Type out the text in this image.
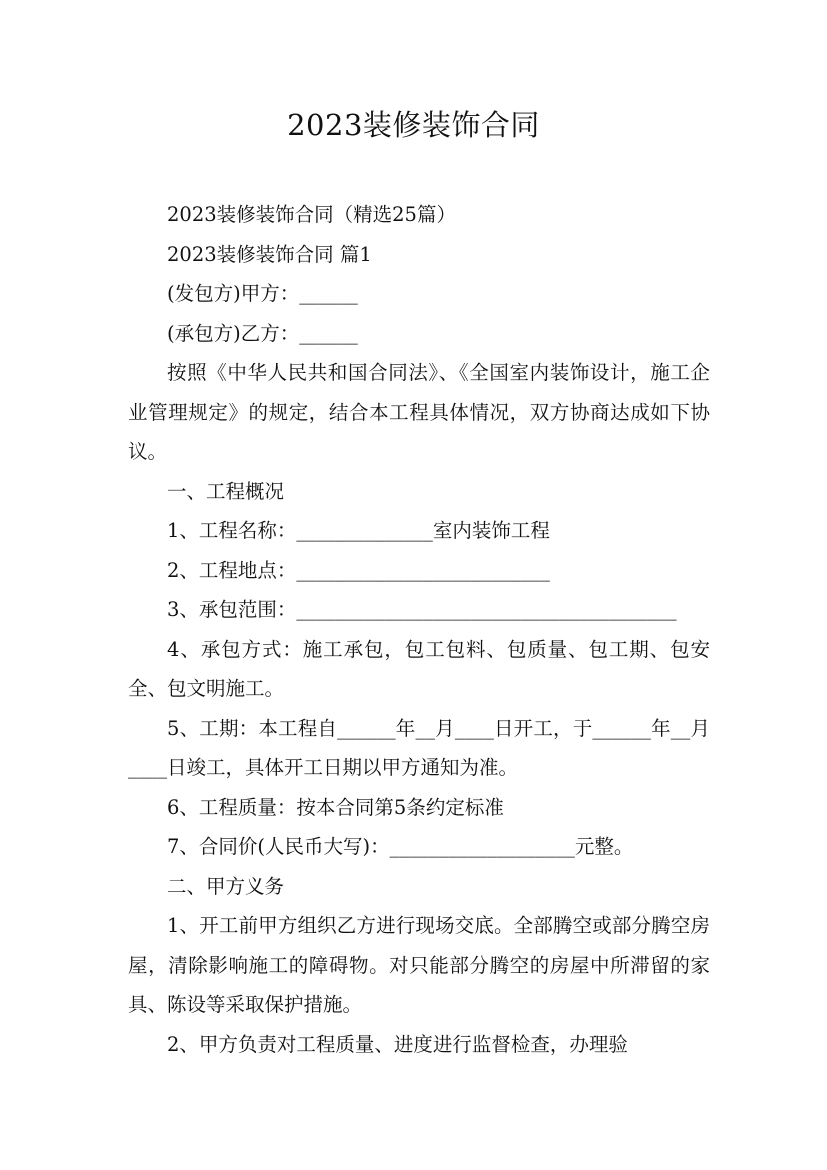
2023装修装饰合同

2023装修装饰合同（精选25篇）

2023装修装饰合同 篇1

(发包方)甲方：______

(承包方)乙方：______

按照《中华人民共和国合同法》、《全国室内装饰设计，施工企业管理规定》的规定，结合本工程具体情况，双方协商达成如下协议。

一、工程概况

1、工程名称：______________室内装饰工程

2、工程地点：__________________________

3、承包范围：_______________________________________

4、承包方式：施工承包，包工包料、包质量、包工期、包安全、包文明施工。

5、工期：本工程自______年__月____日开工，于______年__月____日竣工，具体开工日期以甲方通知为准。

6、工程质量：按本合同第5条约定标准

7、合同价(人民币大写)：___________________元整。

二、甲方义务

1、开工前甲方组织乙方进行现场交底。全部腾空或部分腾空房屋，清除影响施工的障碍物。对只能部分腾空的房屋中所滞留的家具、陈设等采取保护措施。

2、甲方负责对工程质量、进度进行监督检查，办理验
